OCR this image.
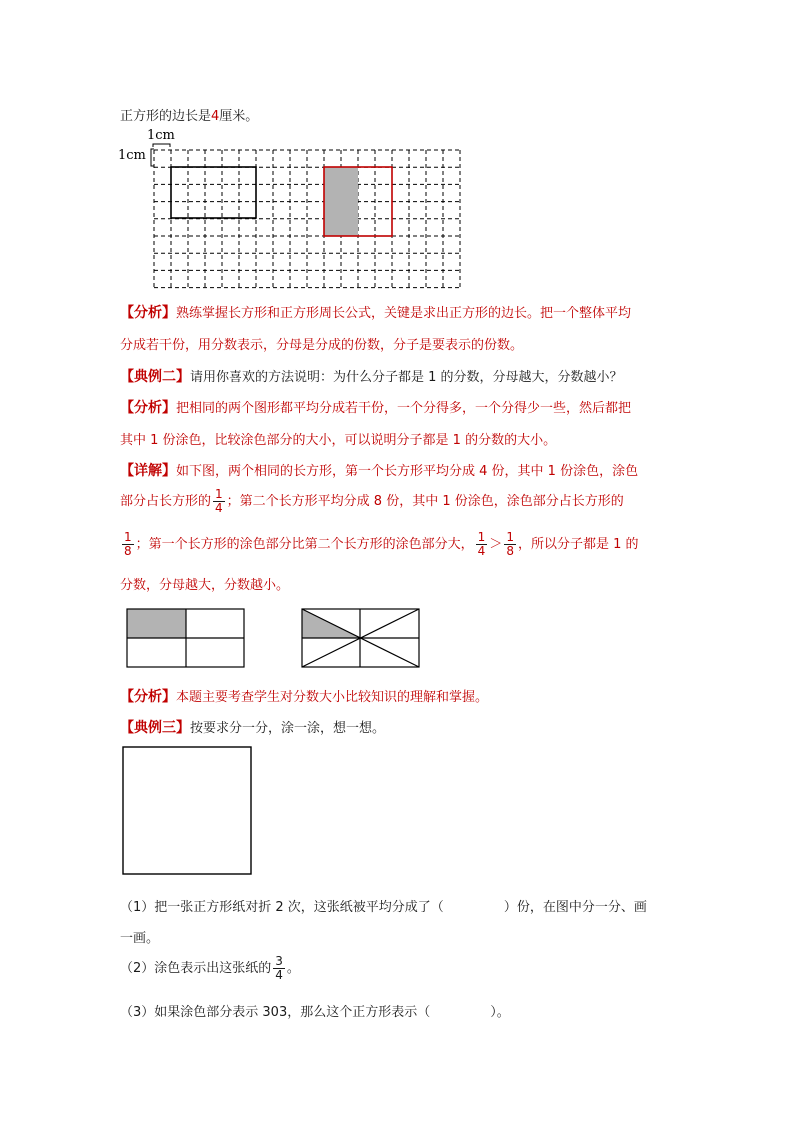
正方形的边长是4厘米。
1cm
1cm
【分析】熟练掌握长方形和正方形周长公式，关键是求出正方形的边长。把一个整体平均
分成若干份，用分数表示，分母是分成的份数，分子是要表示的份数。
【典例二】请用你喜欢的方法说明：为什么分子都是 1 的分数，分母越大，分数越小？
【分析】把相同的两个图形都平均分成若干份，一个分得多，一个分得少一些，然后都把
其中 1 份涂色，比较涂色部分的大小，可以说明分子都是 1 的分数的大小。
【详解】如下图，两个相同的长方形，第一个长方形平均分成 4 份，其中 1 份涂色，涂色
部分占长方形的 $\frac{1}{4}$ ；第二个长方形平均分成 8 份，其中 1 份涂色，涂色部分占长方形的
$\frac{1}{8}$ ；第一个长方形的涂色部分比第二个长方形的涂色部分大， $\frac{1}{4} > \frac{1}{8}$ ，所以分子都是 1 的
分数，分母越大，分数越小。
【分析】本题主要考查学生对分数大小比较知识的理解和掌握。
【典例三】按要求分一分，涂一涂，想一想。
（1）把一张正方形纸对折 2 次，这张纸被平均分成了（	）份，在图中分一分、画
一画。
（2）涂色表示出这张纸的 $\frac{3}{4}$ 。
（3）如果涂色部分表示 303，那么这个正方形表示（	）。
